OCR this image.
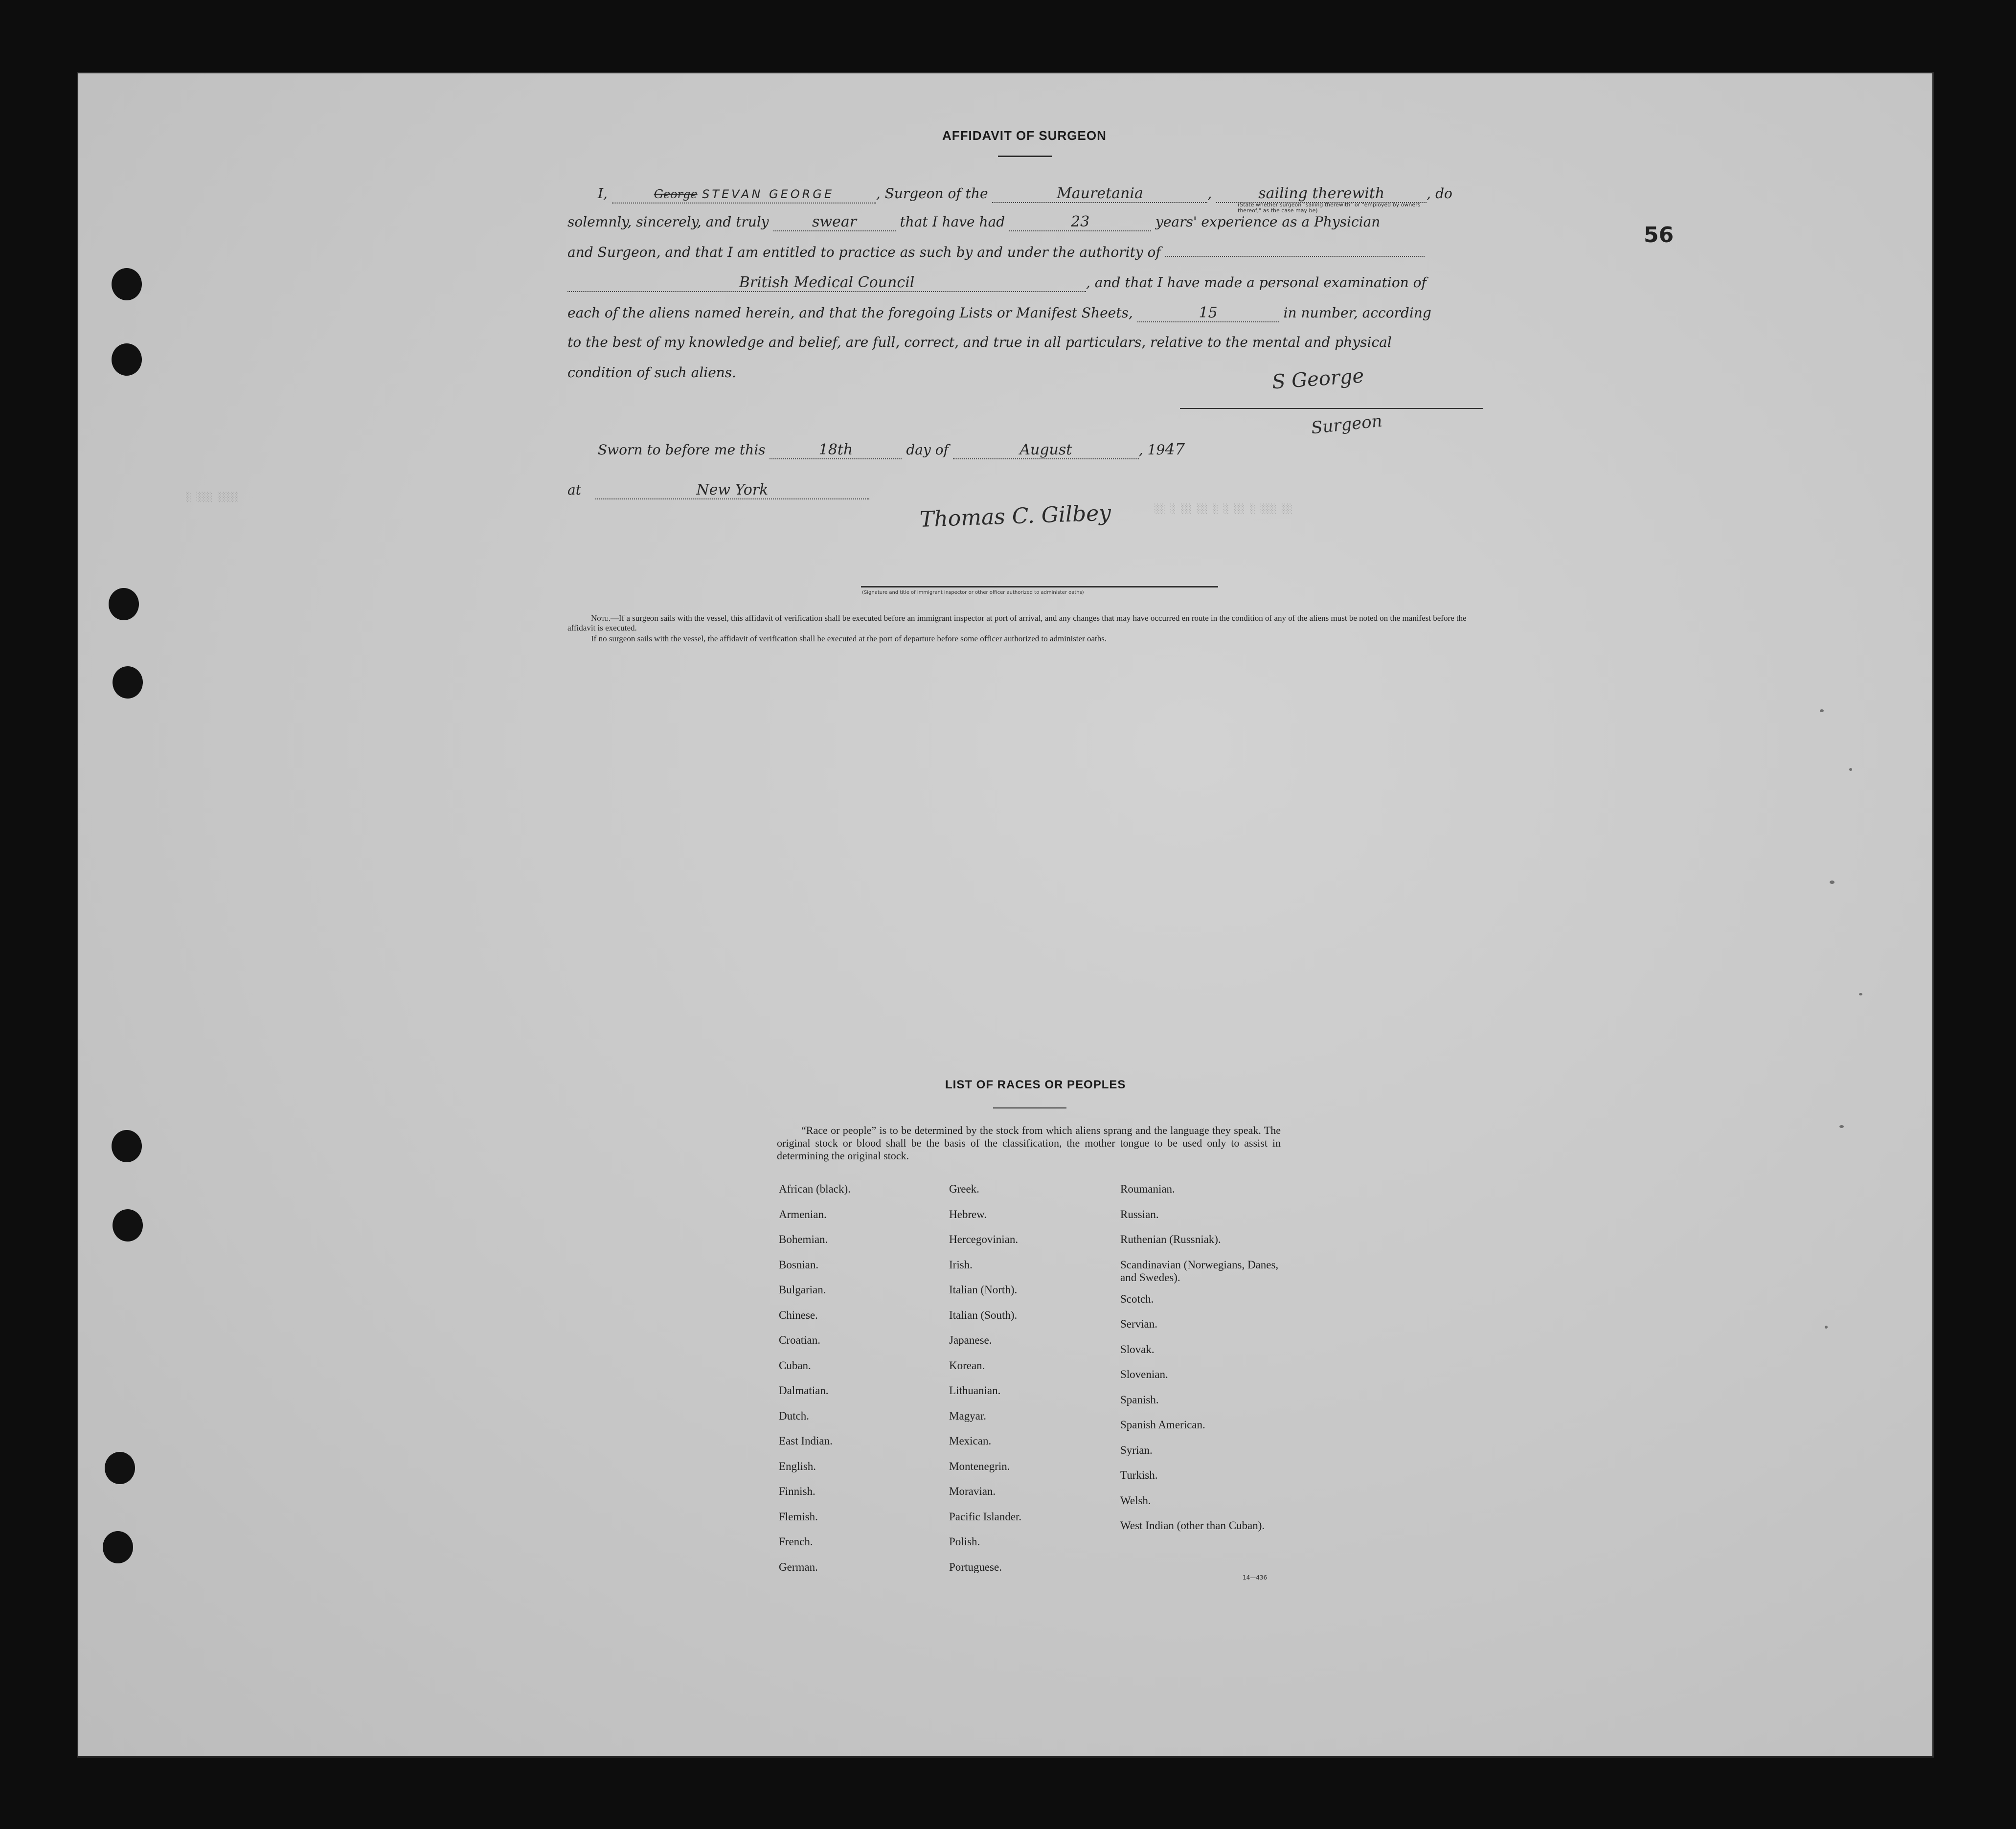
░ ░░░ ░░░░
░░ ░ ░░ ░░ ░ ░ ░░ ░ ░░░ ░░
56
AFFIDAVIT OF SURGEON
I,	George STEVAN GEORGE	, Surgeon of the	Mauretania	,	sailing therewith	, do
(State whether surgeon "sailing therewith" or "employed by owners thereof," as the case may be)
solemnly, sincerely, and truly	swear	that I have had	23	years' experience as a Physician
and Surgeon, and that I am entitled to practice as such by and under the authority of
British Medical Council	, and that I have made a personal examination of
each of the aliens named herein, and that the foregoing Lists or Manifest Sheets,	15	in number, according
to the best of my knowledge and belief, are full, correct, and true in all particulars, relative to the mental and physical
condition of such aliens.	S George
Surgeon
Sworn to before me this	18th	day of	August	, 1947
at	New York
Thomas C. Gilbey
(Signature and title of immigrant inspector or other officer authorized to administer oaths)
Note.—If a surgeon sails with the vessel, this affidavit of verification shall be executed before an immigrant inspector at port of arrival, and any changes that may have occurred en route in the condition of any of the aliens must be noted on the manifest before the affidavit is executed.
If no surgeon sails with the vessel, the affidavit of verification shall be executed at the port of departure before some officer authorized to administer oaths.
LIST OF RACES OR PEOPLES
“Race or people” is to be determined by the stock from which aliens sprang and the language they speak. The original stock or blood shall be the basis of the classification, the mother tongue to be used only to assist in determining the original stock.
African (black).
Armenian.
Bohemian.
Bosnian.
Bulgarian.
Chinese.
Croatian.
Cuban.
Dalmatian.
Dutch.
East Indian.
English.
Finnish.
Flemish.
French.
German.
Greek.
Hebrew.
Hercegovinian.
Irish.
Italian (North).
Italian (South).
Japanese.
Korean.
Lithuanian.
Magyar.
Mexican.
Montenegrin.
Moravian.
Pacific Islander.
Polish.
Portuguese.
Roumanian.
Russian.
Ruthenian (Russniak).
Scandinavian (Norwegians, Danes, and Swedes).
Scotch.
Servian.
Slovak.
Slovenian.
Spanish.
Spanish American.
Syrian.
Turkish.
Welsh.
West Indian (other than Cuban).
14—436
